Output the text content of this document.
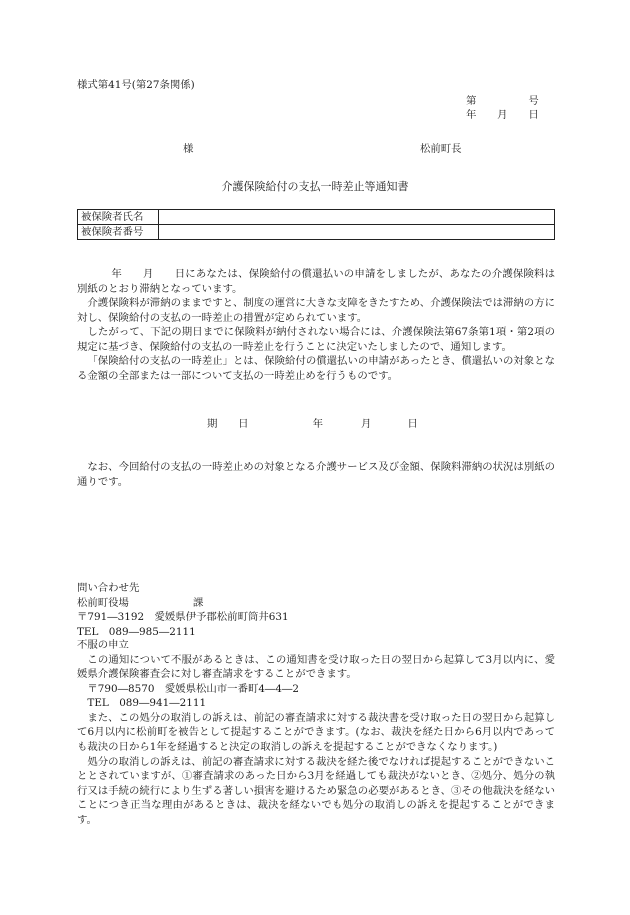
様式第41号(第27条関係)
第　　　　　号
年　　月　　日
様	松前町長
介護保険給付の支払一時差止等通知書
被保険者氏名	
被保険者番号	

年　　月　　日にあなたは、保険給付の償還払いの申請をしましたが、あなたの介護保険料は別紙のとおり滞納となっています。

介護保険料が滞納のままですと、制度の運営に大きな支障をきたすため、介護保険法では滞納の方に対し、保険給付の支払の一時差止の措置が定められています。

したがって、下記の期日までに保険料が納付されない場合には、介護保険法第67条第1項・第2項の規定に基づき、保険給付の支払の一時差止を行うことに決定いたしましたので、通知します。

「保険給付の支払の一時差止」とは、保険給付の償還払いの申請があったとき、償還払いの対象となる金額の全部または一部について支払の一時差止めを行うものです。

期　　日	年	月	日
なお、今回給付の支払の一時差止めの対象となる介護サービス及び金額、保険料滞納の状況は別紙の通りです。
問い合わせ先
松前町役場	課
〒791―3192　愛媛県伊予郡松前町筒井631
TEL　089―985―2111

不服の申立

この通知について不服があるときは、この通知書を受け取った日の翌日から起算して3月以内に、愛媛県介護保険審査会に対し審査請求をすることができます。

〒790―8570　愛媛県松山市一番町4―4―2

TEL　089―941―2111

また、この処分の取消しの訴えは、前記の審査請求に対する裁決書を受け取った日の翌日から起算して6月以内に松前町を被告として提起することができます。(なお、裁決を経た日から6月以内であっても裁決の日から1年を経過すると決定の取消しの訴えを提起することができなくなります。)

処分の取消しの訴えは、前記の審査請求に対する裁決を経た後でなければ提起することができないこととされていますが、①審査請求のあった日から3月を経過しても裁決がないとき、②処分、処分の執行又は手続の続行により生ずる著しい損害を避けるため緊急の必要があるとき、③その他裁決を経ないことにつき正当な理由があるときは、裁決を経ないでも処分の取消しの訴えを提起することができます。
